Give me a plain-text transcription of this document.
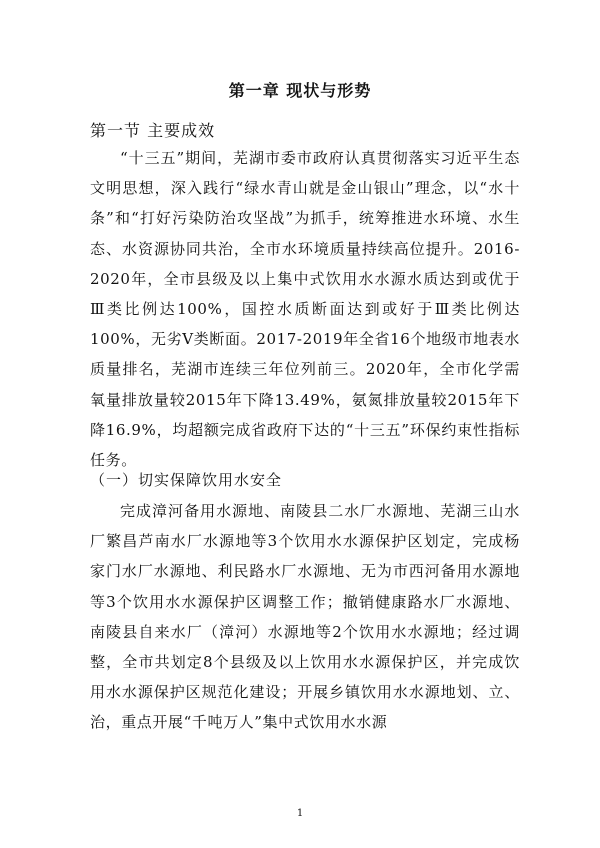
第一章 现状与形势
第一节 主要成效

“十三五”期间，芜湖市委市政府认真贯彻落实习近平生态文明思想，深入践行“绿水青山就是金山银山”理念，以“水十条”和“打好污染防治攻坚战”为抓手，统筹推进水环境、水生态、水资源协同共治，全市水环境质量持续高位提升。2016-2020年，全市县级及以上集中式饮用水水源水质达到或优于Ⅲ类比例达100%，国控水质断面达到或好于Ⅲ类比例达100%，无劣Ⅴ类断面。2017-2019年全省16个地级市地表水质量排名，芜湖市连续三年位列前三。2020年，全市化学需氧量排放量较2015年下降13.49%，氨氮排放量较2015年下降16.9%，均超额完成省政府下达的“十三五”环保约束性指标任务。

（一）切实保障饮用水安全

完成漳河备用水源地、南陵县二水厂水源地、芜湖三山水厂繁昌芦南水厂水源地等3个饮用水水源保护区划定，完成杨家门水厂水源地、利民路水厂水源地、无为市西河备用水源地等3个饮用水水源保护区调整工作；撤销健康路水厂水源地、南陵县自来水厂（漳河）水源地等2个饮用水水源地；经过调整，全市共划定8个县级及以上饮用水水源保护区，并完成饮用水水源保护区规范化建设；开展乡镇饮用水水源地划、立、治，重点开展“千吨万人”集中式饮用水水源

1
